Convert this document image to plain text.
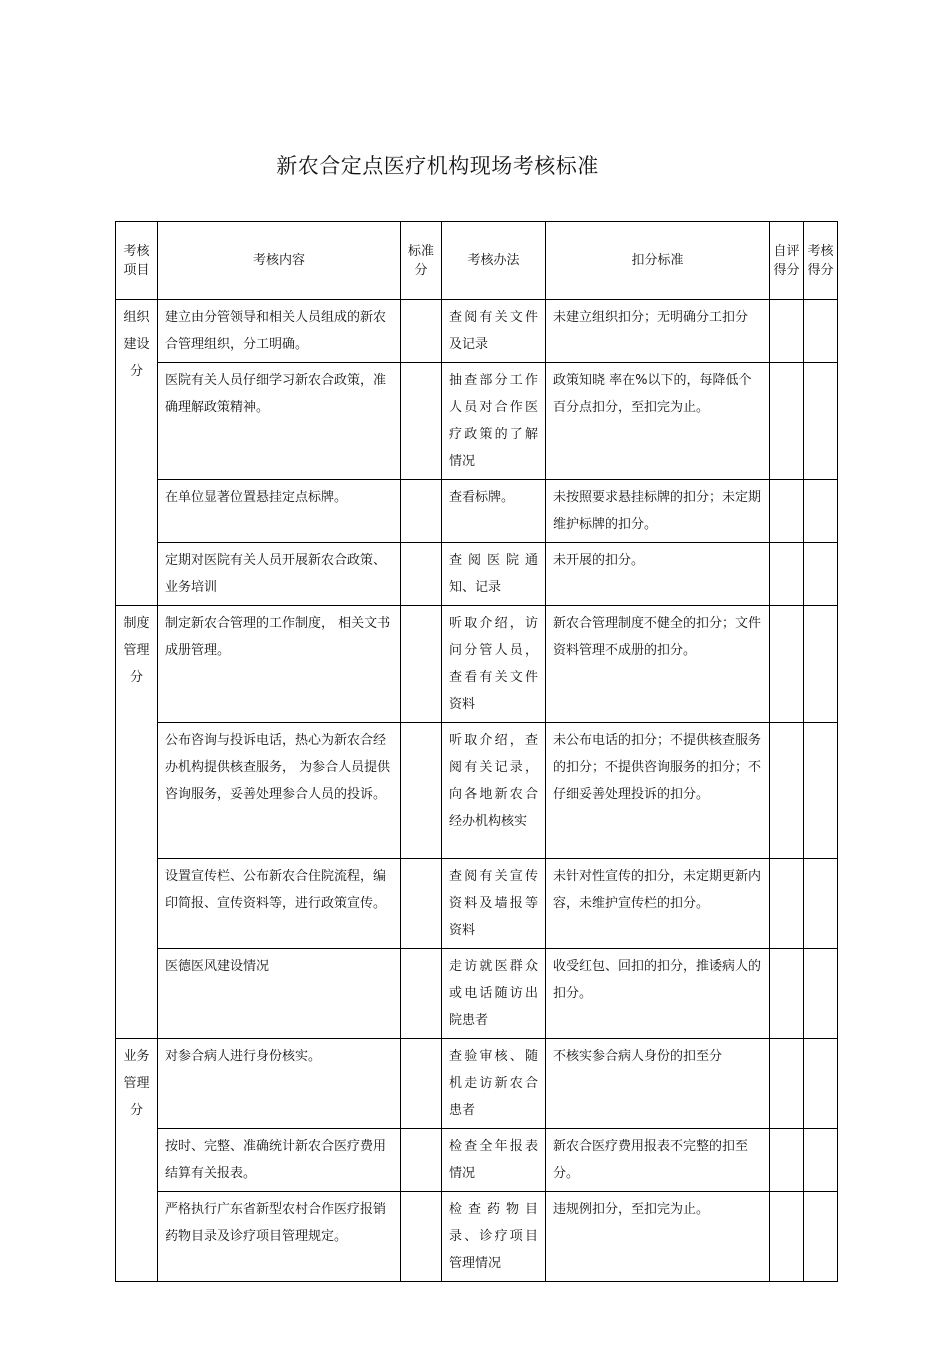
新农合定点医疗机构现场考核标准
考核项目	考核内容	标准分	考核办法	扣分标准	自评得分	考核得分
组织建设分	建立由分管领导和相关人员组成的新农合管理组织，分工明确。		查阅有关文件及记录	未建立组织扣分；无明确分工扣分		
	医院有关人员仔细学习新农合政策，准确理解政策精神。		抽查部分工作人员对合作医疗政策的了解情况	政策知晓 率在%以下的，每降低个百分点扣分，至扣完为止。		
	在单位显著位置悬挂定点标牌。		查看标牌。	未按照要求悬挂标牌的扣分；未定期维护标牌的扣分。		
	定期对医院有关人员开展新农合政策、业务培训		查阅医院通知、记录	未开展的扣分。		
制度管理分	制定新农合管理的工作制度， 相关文书成册管理。		听取介绍，访问分管人员，查看有关文件资料	新农合管理制度不健全的扣分；文件资料管理不成册的扣分。		
	公布咨询与投诉电话，热心为新农合经办机构提供核查服务， 为参合人员提供咨询服务，妥善处理参合人员的投诉。		听取介绍，查阅有关记录，向各地新农合经办机构核实	未公布电话的扣分；不提供核查服务的扣分；不提供咨询服务的扣分；不仔细妥善处理投诉的扣分。		
	设置宣传栏、公布新农合住院流程，编印简报、宣传资料等，进行政策宣传。		查阅有关宣传资料及墙报等资料	未针对性宣传的扣分，未定期更新内容，未维护宣传栏的扣分。		
	医德医风建设情况		走访就医群众或电话随访出院患者	收受红包、回扣的扣分，推诿病人的扣分。		
业务管理分	对参合病人进行身份核实。		查验审核、随机走访新农合患者	不核实参合病人身份的扣至分		
	按时、完整、准确统计新农合医疗费用结算有关报表。		检查全年报表情况	新农合医疗费用报表不完整的扣至分。		
	严格执行广东省新型农村合作医疗报销药物目录及诊疗项目管理规定。		检查药物目录、诊疗项目管理情况	违规例扣分，至扣完为止。		
